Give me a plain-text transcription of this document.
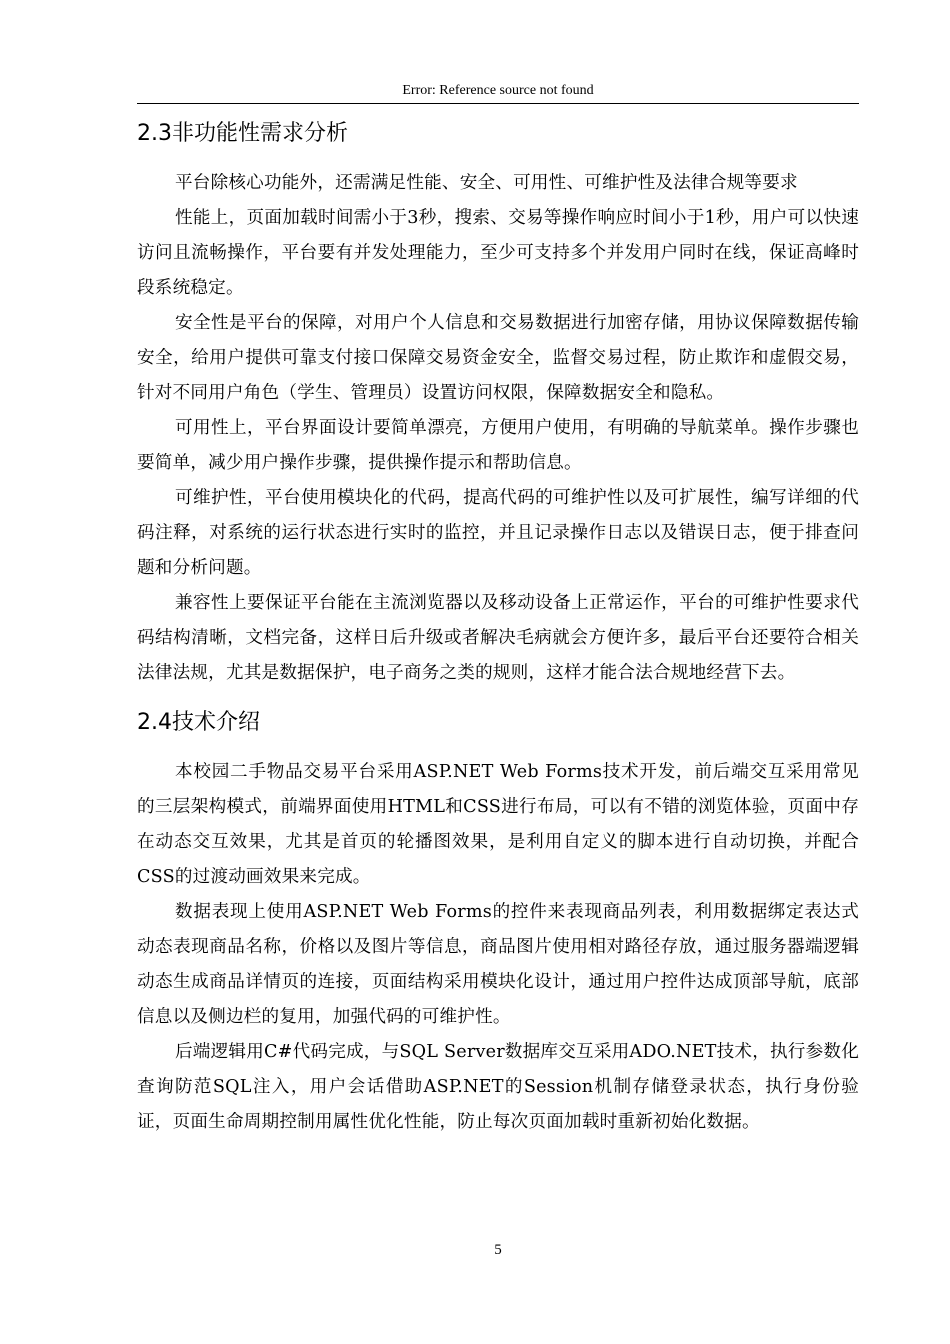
Error: Reference source not found
2.3非功能性需求分析

平台除核心功能外，还需满足性能、安全、可用性、可维护性及法律合规等要求

性能上，页面加载时间需小于3秒，搜索、交易等操作响应时间小于1秒，用户可以快速访问且流畅操作，平台要有并发处理能力，至少可支持多个并发用户同时在线，保证高峰时段系统稳定。

安全性是平台的保障，对用户个人信息和交易数据进行加密存储，用协议保障数据传输安全，给用户提供可靠支付接口保障交易资金安全，监督交易过程，防止欺诈和虚假交易，针对不同用户角色（学生、管理员）设置访问权限，保障数据安全和隐私。

可用性上，平台界面设计要简单漂亮，方便用户使用，有明确的导航菜单。操作步骤也要简单，减少用户操作步骤，提供操作提示和帮助信息。

可维护性，平台使用模块化的代码，提高代码的可维护性以及可扩展性，编写详细的代码注释，对系统的运行状态进行实时的监控，并且记录操作日志以及错误日志，便于排查问题和分析问题。

兼容性上要保证平台能在主流浏览器以及移动设备上正常运作，平台的可维护性要求代码结构清晰，文档完备，这样日后升级或者解决毛病就会方便许多，最后平台还要符合相关法律法规，尤其是数据保护，电子商务之类的规则，这样才能合法合规地经营下去。

2.4技术介绍

本校园二手物品交易平台采用ASP.NET Web Forms技术开发，前后端交互采用常见的三层架构模式，前端界面使用HTML和CSS进行布局，可以有不错的浏览体验，页面中存在动态交互效果，尤其是首页的轮播图效果，是利用自定义的脚本进行自动切换，并配合CSS的过渡动画效果来完成。

数据表现上使用ASP.NET Web Forms的控件来表现商品列表，利用数据绑定表达式动态表现商品名称，价格以及图片等信息，商品图片使用相对路径存放，通过服务器端逻辑动态生成商品详情页的连接，页面结构采用模块化设计，通过用户控件达成顶部导航，底部信息以及侧边栏的复用，加强代码的可维护性。

后端逻辑用C#代码完成，与SQL Server数据库交互采用ADO.NET技术，执行参数化查询防范SQL注入，用户会话借助ASP.NET的Session机制存储登录状态，执行身份验证，页面生命周期控制用属性优化性能，防止每次页面加载时重新初始化数据。

5
